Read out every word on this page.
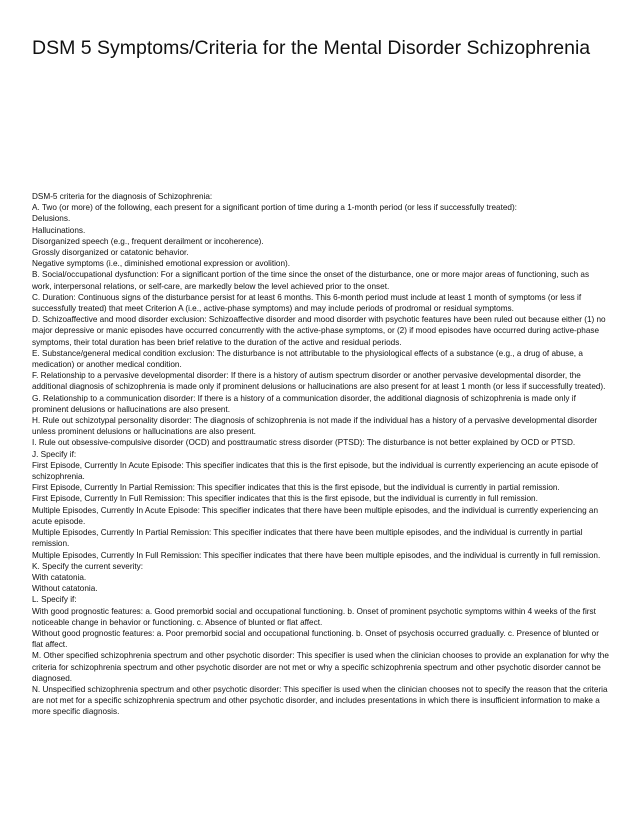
DSM 5 Symptoms/Criteria for the Mental Disorder Schizophrenia

DSM-5 criteria for the diagnosis of Schizophrenia:

A. Two (or more) of the following, each present for a significant portion of time during a 1-month period (or less if successfully treated):

Delusions.

Hallucinations.

Disorganized speech (e.g., frequent derailment or incoherence).

Grossly disorganized or catatonic behavior.

Negative symptoms (i.e., diminished emotional expression or avolition).

B. Social/occupational dysfunction: For a significant portion of the time since the onset of the disturbance, one or more major areas of functioning, such as work, interpersonal relations, or self-care, are markedly below the level achieved prior to the onset.

C. Duration: Continuous signs of the disturbance persist for at least 6 months. This 6-month period must include at least 1 month of symptoms (or less if successfully treated) that meet Criterion A (i.e., active-phase symptoms) and may include periods of prodromal or residual symptoms.

D. Schizoaffective and mood disorder exclusion: Schizoaffective disorder and mood disorder with psychotic features have been ruled out because either (1) no major depressive or manic episodes have occurred concurrently with the active-phase symptoms, or (2) if mood episodes have occurred during active-phase symptoms, their total duration has been brief relative to the duration of the active and residual periods.

E. Substance/general medical condition exclusion: The disturbance is not attributable to the physiological effects of a substance (e.g., a drug of abuse, a medication) or another medical condition.

F. Relationship to a pervasive developmental disorder: If there is a history of autism spectrum disorder or another pervasive developmental disorder, the additional diagnosis of schizophrenia is made only if prominent delusions or hallucinations are also present for at least 1 month (or less if successfully treated).

G. Relationship to a communication disorder: If there is a history of a communication disorder, the additional diagnosis of schizophrenia is made only if prominent delusions or hallucinations are also present.

H. Rule out schizotypal personality disorder: The diagnosis of schizophrenia is not made if the individual has a history of a pervasive developmental disorder unless prominent delusions or hallucinations are also present.

I. Rule out obsessive-compulsive disorder (OCD) and posttraumatic stress disorder (PTSD): The disturbance is not better explained by OCD or PTSD.

J. Specify if:

First Episode, Currently In Acute Episode: This specifier indicates that this is the first episode, but the individual is currently experiencing an acute episode of schizophrenia.

First Episode, Currently In Partial Remission: This specifier indicates that this is the first episode, but the individual is currently in partial remission.

First Episode, Currently In Full Remission: This specifier indicates that this is the first episode, but the individual is currently in full remission.

Multiple Episodes, Currently In Acute Episode: This specifier indicates that there have been multiple episodes, and the individual is currently experiencing an acute episode.

Multiple Episodes, Currently In Partial Remission: This specifier indicates that there have been multiple episodes, and the individual is currently in partial remission.

Multiple Episodes, Currently In Full Remission: This specifier indicates that there have been multiple episodes, and the individual is currently in full remission.

K. Specify the current severity:

With catatonia.

Without catatonia.

L. Specify if:

With good prognostic features: a. Good premorbid social and occupational functioning. b. Onset of prominent psychotic symptoms within 4 weeks of the first noticeable change in behavior or functioning. c. Absence of blunted or flat affect.

Without good prognostic features: a. Poor premorbid social and occupational functioning. b. Onset of psychosis occurred gradually. c. Presence of blunted or flat affect.

M. Other specified schizophrenia spectrum and other psychotic disorder: This specifier is used when the clinician chooses to provide an explanation for why the criteria for schizophrenia spectrum and other psychotic disorder are not met or why a specific schizophrenia spectrum and other psychotic disorder cannot be diagnosed.

N. Unspecified schizophrenia spectrum and other psychotic disorder: This specifier is used when the clinician chooses not to specify the reason that the criteria are not met for a specific schizophrenia spectrum and other psychotic disorder, and includes presentations in which there is insufficient information to make a more specific diagnosis.
